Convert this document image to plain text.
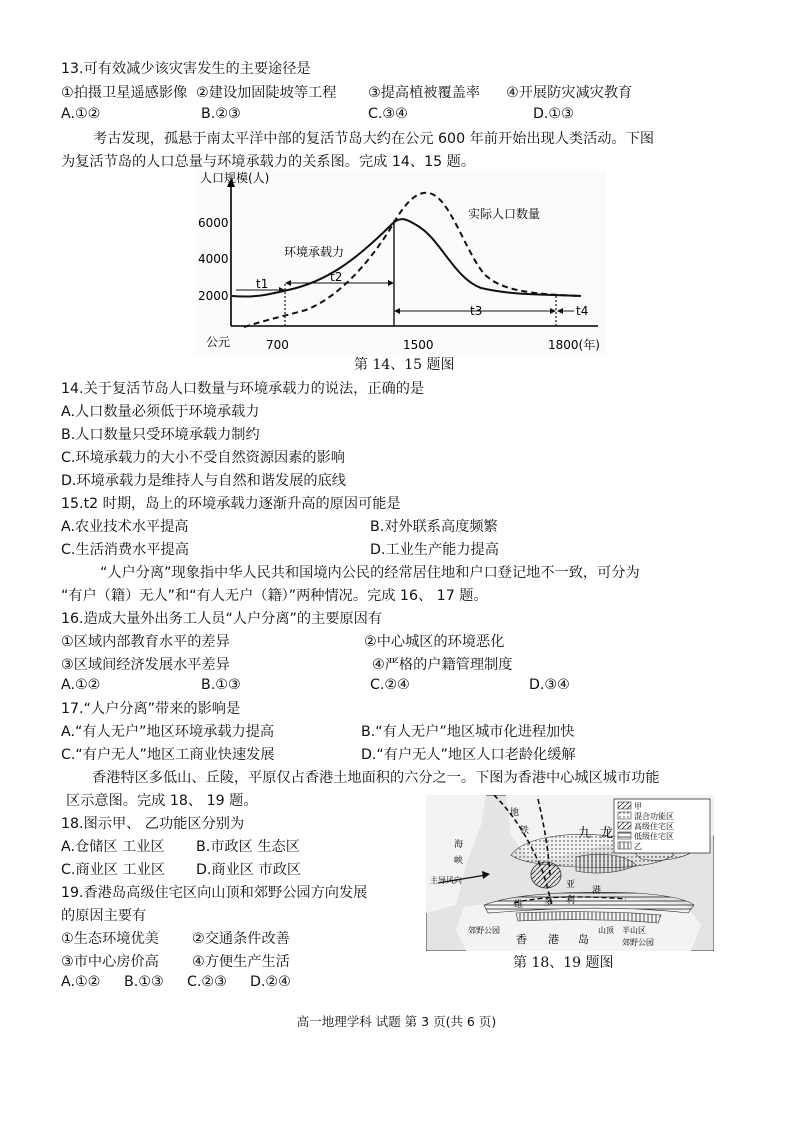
13.可有效减少该灾害发生的主要途径是
①拍摄卫星遥感影像 ②建设加固陡坡等工程 ③提高植被覆盖率 ④开展防灾减灾教育
A.①②	B.②③	C.③④	D.①③
考古发现，孤悬于南太平洋中部的复活节岛大约在公元 600 年前开始出现人类活动。下图
为复活节岛的人口总量与环境承载力的关系图。完成 14、15 题。
人口规模(人)
6000
4000
2000
公元	700	1500	1800(年)
t1	t2
t3	t4
环境承载力
实际人口数量
第 14、15 题图
14.关于复活节岛人口数量与环境承载力的说法，正确的是
A.人口数量必须低于环境承载力
B.人口数量只受环境承载力制约
C.环境承载力的大小不受自然资源因素的影响
D.环境承载力是维持人与自然和谐发展的底线
15.t2 时期，岛上的环境承载力逐渐升高的原因可能是
A.农业技术水平提高	B.对外联系高度频繁
C.生活消费水平提高	D.工业生产能力提高
“人户分离”现象指中华人民共和国境内公民的经常居住地和户口登记地不一致，可分为
“有户（籍）无人”和“有人无户（籍）”两种情况。完成 16、 17 题。
16.造成大量外出务工人员“人户分离”的主要原因有
①区域内部教育水平的差异	②中心城区的环境恶化
③区域间经济发展水平差异	④严格的户籍管理制度
A.①②	B.①③	C.②④	D.③④
17.“人户分离”带来的影响是
A.“有人无户”地区环境承载力提高	B.“有人无户”地区城市化进程加快
C.“有户无人”地区工商业快速发展	D.“有户无人”地区人口老龄化缓解
香港特区多低山、丘陵，平原仅占香港土地面积的六分之一。下图为香港中心城区城市功能
区示意图。完成 18、 19 题。
18.图示甲、 乙功能区分别为
A.仓储区 工业区 B.市政区 生态区
C.商业区 工业区 D.商业区 市政区
19.香港岛高级住宅区向山顶和郊野公园方向发展
的原因主要有
①生态环境优美 ②交通条件改善
③市中心房价高 ④方便生产生活
A.①② B.①③ C.②③ D.②④
甲
混合功能区
高级住宅区
低级住宅区
乙
地
铁	九 龙
海
峡
主导风向
维 多 利
亚
港
香 港 岛
郊野公园	山顶 半山区
郊野公园
第 18、19 题图
高一地理学科 试题 第 3 页(共 6 页)
